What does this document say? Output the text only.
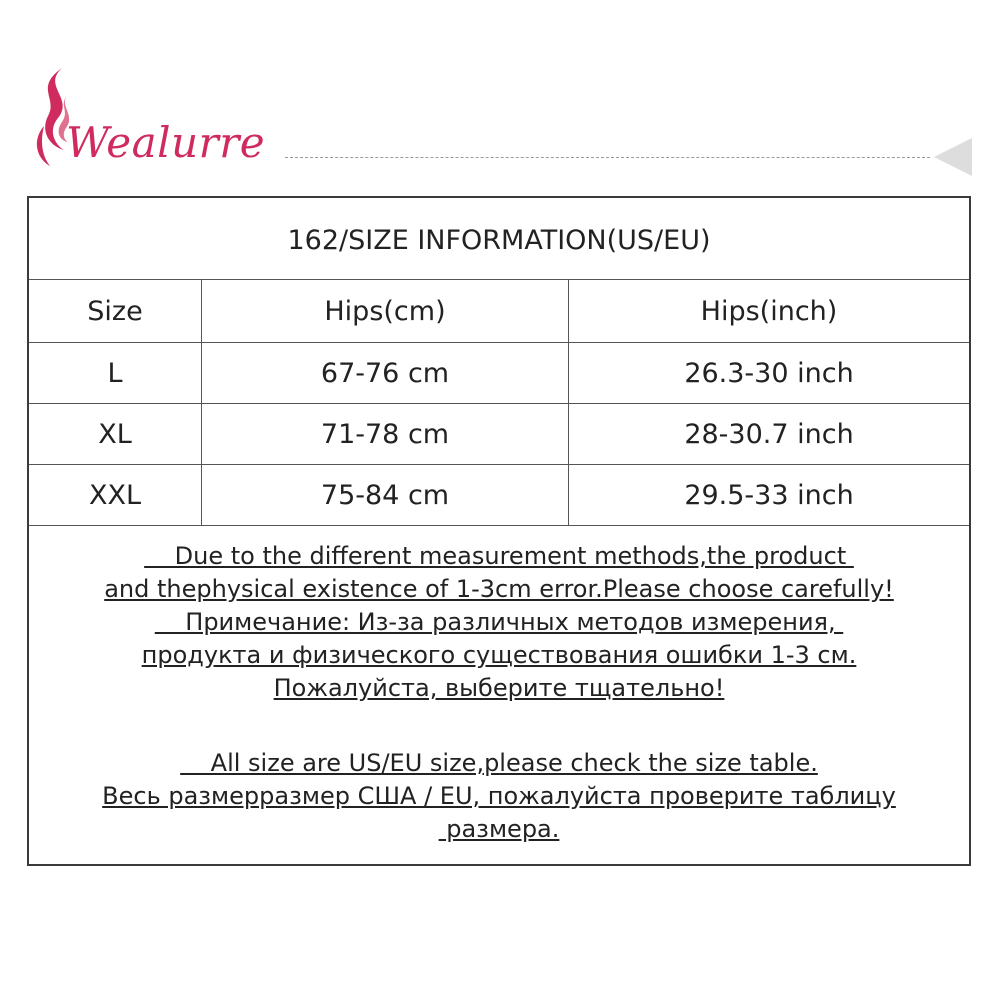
Wealurre
162/SIZE INFORMATION(US/EU)
Size	Hips(cm)	Hips(inch)
L	67-76 cm	26.3-30 inch
XL	71-78 cm	28-30.7 inch
XXL	75-84 cm	29.5-33 inch
Due to the different measurement methods,the product
and thephysical existence of 1-3cm error.Please choose carefully!
Примечание: Из-за различных методов измерения,
продукта и физического существования ошибки 1-3 см.
Пожалуйста, выберите тщательно!
All size are US/EU size,please check the size table.
Весь размерразмер США / EU, пожалуйста проверите таблицу
размера.
